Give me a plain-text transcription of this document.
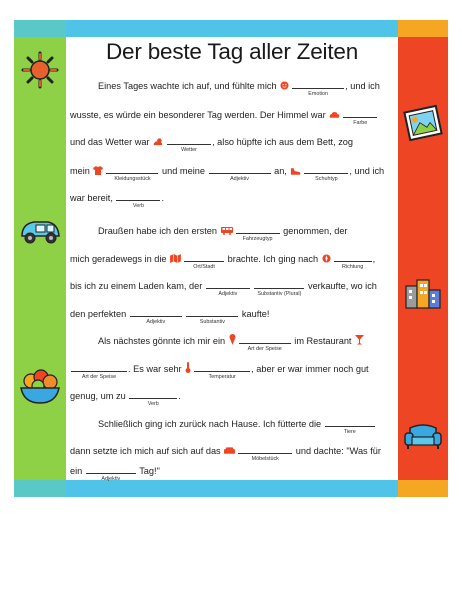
Der beste Tag aller Zeiten
Eines Tages wachte ich auf, und fühlte mich
Emotion
, und ich
wusste, es würde ein besonderer Tag werden. Der Himmel war
Farbe
und das Wetter war
Wetter
, also hüpfte ich aus dem Bett, zog
mein
Kleidungsstück
und meine
Adjektiv
an,
Schuhtyp
, und ich
war bereit,
Verb
.
Draußen habe ich den ersten
Fahrzeugtyp
genommen, der
mich geradewegs in die
Ort/Stadt
brachte. Ich ging nach
Richtung
,
bis ich zu einem Laden kam, der
Adjektiv
	Substantiv (Plural)
verkaufte, wo ich
den perfekten
Adjektiv
	Substantiv
kaufte!
Als nächstes gönnte ich mir ein
Art der Speise
im Restaurant
Art der Speise
. Es war sehr
Temperatur
, aber er war immer noch gut
genug, um zu
Verb
.
Schließlich ging ich zurück nach Hause. Ich fütterte die
Tiere
dann setzte ich mich auf sich auf das
Möbelstück
und dachte: "Was für
ein
Adjektiv
Tag!"
